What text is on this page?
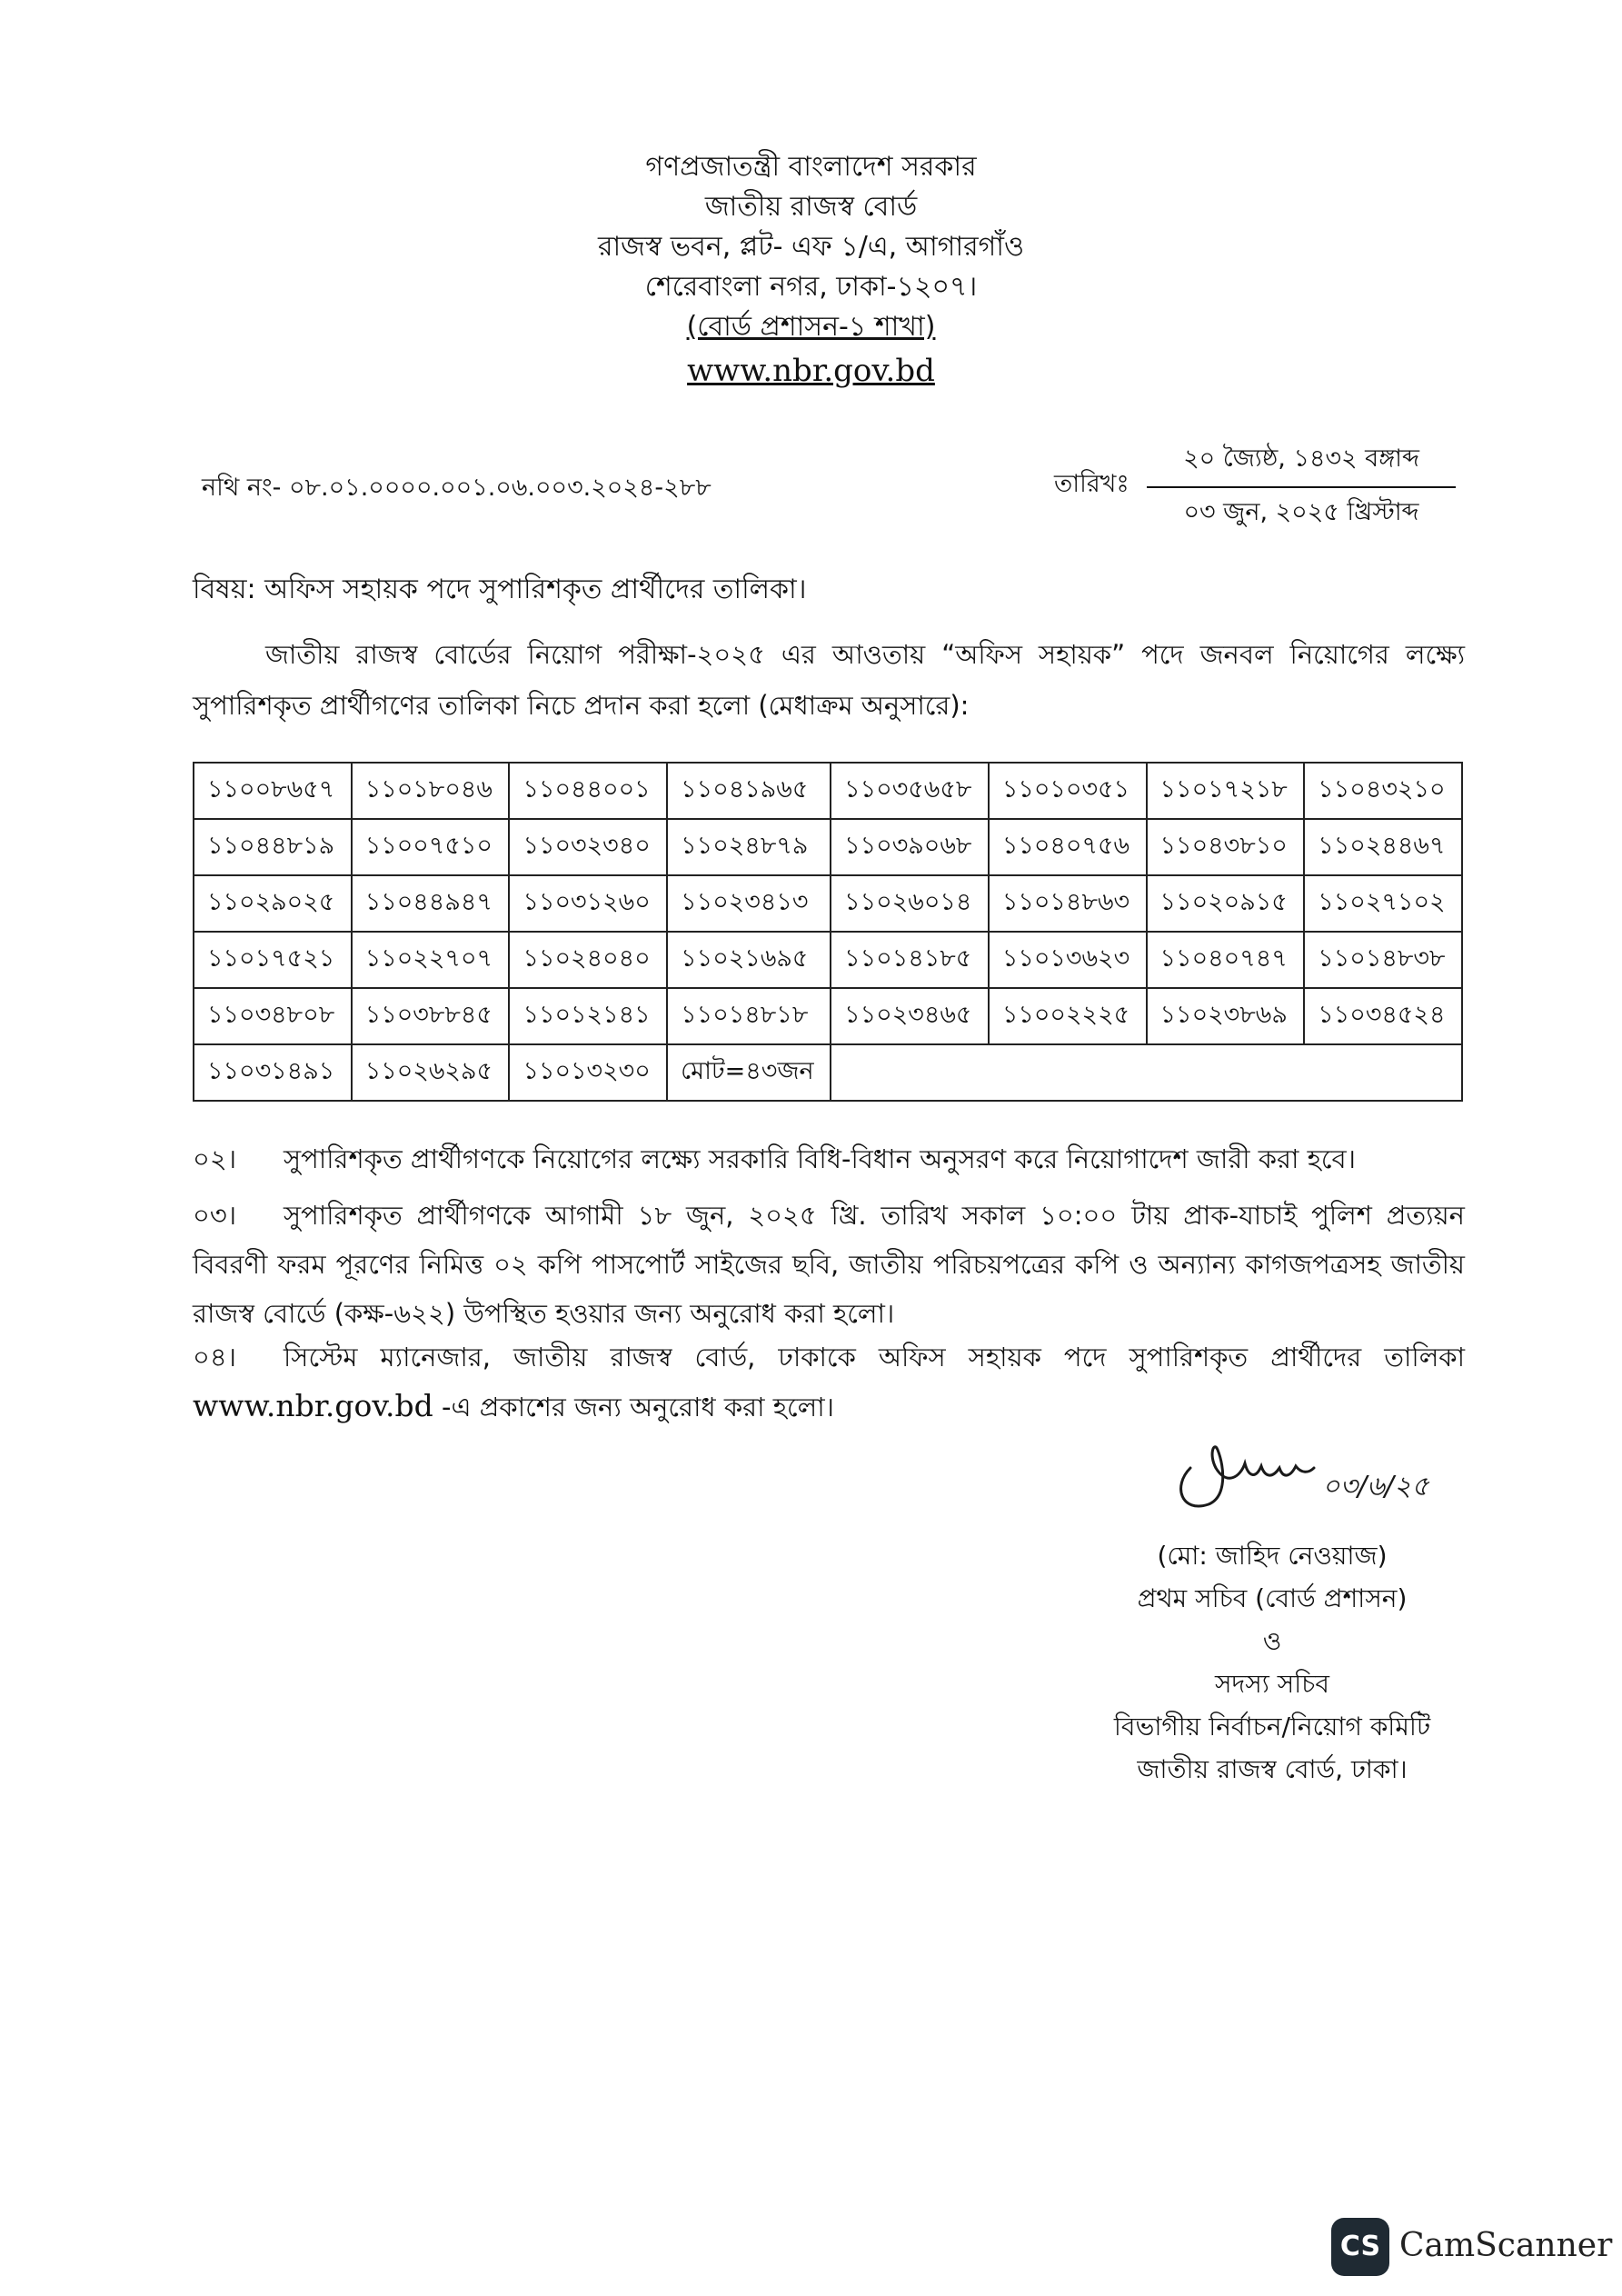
গণপ্রজাতন্ত্রী বাংলাদেশ সরকার
জাতীয় রাজস্ব বোর্ড
রাজস্ব ভবন, প্লট- এফ ১/এ, আগারগাঁও
শেরেবাংলা নগর, ঢাকা-১২০৭।
(বোর্ড প্রশাসন-১ শাখা)
www.nbr.gov.bd
নথি নং- ০৮.০১.০০০০.০০১.০৬.০০৩.২০২৪-২৮৮	তারিখঃ
২০ জ্যৈষ্ঠ, ১৪৩২ বঙ্গাব্দ
০৩ জুন, ২০২৫ খ্রিস্টাব্দ
বিষয়: অফিস সহায়ক পদে সুপারিশকৃত প্রার্থীদের তালিকা।
জাতীয় রাজস্ব বোর্ডের নিয়োগ পরীক্ষা-২০২৫ এর আওতায় “অফিস সহায়ক” পদে জনবল নিয়োগের লক্ষ্যে সুপারিশকৃত প্রার্থীগণের তালিকা নিচে প্রদান করা হলো (মেধাক্রম অনুসারে):
১১০০৮৬৫৭	১১০১৮০৪৬	১১০৪৪০০১	১১০৪১৯৬৫	১১০৩৫৬৫৮	১১০১০৩৫১	১১০১৭২১৮	১১০৪৩২১০
১১০৪৪৮১৯	১১০০৭৫১০	১১০৩২৩৪০	১১০২৪৮৭৯	১১০৩৯০৬৮	১১০৪০৭৫৬	১১০৪৩৮১০	১১০২৪৪৬৭
১১০২৯০২৫	১১০৪৪৯৪৭	১১০৩১২৬০	১১০২৩৪১৩	১১০২৬০১৪	১১০১৪৮৬৩	১১০২০৯১৫	১১০২৭১০২
১১০১৭৫২১	১১০২২৭০৭	১১০২৪০৪০	১১০২১৬৯৫	১১০১৪১৮৫	১১০১৩৬২৩	১১০৪০৭৪৭	১১০১৪৮৩৮
১১০৩৪৮০৮	১১০৩৮৮৪৫	১১০১২১৪১	১১০১৪৮১৮	১১০২৩৪৬৫	১১০০২২২৫	১১০২৩৮৬৯	১১০৩৪৫২৪
১১০৩১৪৯১	১১০২৬২৯৫	১১০১৩২৩০	মোট=৪৩জন				
০২। সুপারিশকৃত প্রার্থীগণকে নিয়োগের লক্ষ্যে সরকারি বিধি-বিধান অনুসরণ করে নিয়োগাদেশ জারী করা হবে।
০৩। সুপারিশকৃত প্রার্থীগণকে আগামী ১৮ জুন, ২০২৫ খ্রি. তারিখ সকাল ১০:০০ টায় প্রাক-যাচাই পুলিশ প্রত্যয়ন বিবরণী ফরম পূরণের নিমিত্ত ০২ কপি পাসপোর্ট সাইজের ছবি, জাতীয় পরিচয়পত্রের কপি ও অন্যান্য কাগজপত্রসহ জাতীয় রাজস্ব বোর্ডে (কক্ষ-৬২২) উপস্থিত হওয়ার জন্য অনুরোধ করা হলো।
০৪। সিস্টেম ম্যানেজার, জাতীয় রাজস্ব বোর্ড, ঢাকাকে অফিস সহায়ক পদে সুপারিশকৃত প্রার্থীদের তালিকা www.nbr.gov.bd -এ প্রকাশের জন্য অনুরোধ করা হলো।
০৩/৬/২৫
(মো: জাহিদ নেওয়াজ)
প্রথম সচিব (বোর্ড প্রশাসন)
ও
সদস্য সচিব
বিভাগীয় নির্বাচন/নিয়োগ কমিটি
জাতীয় রাজস্ব বোর্ড, ঢাকা।
CS CamScanner
